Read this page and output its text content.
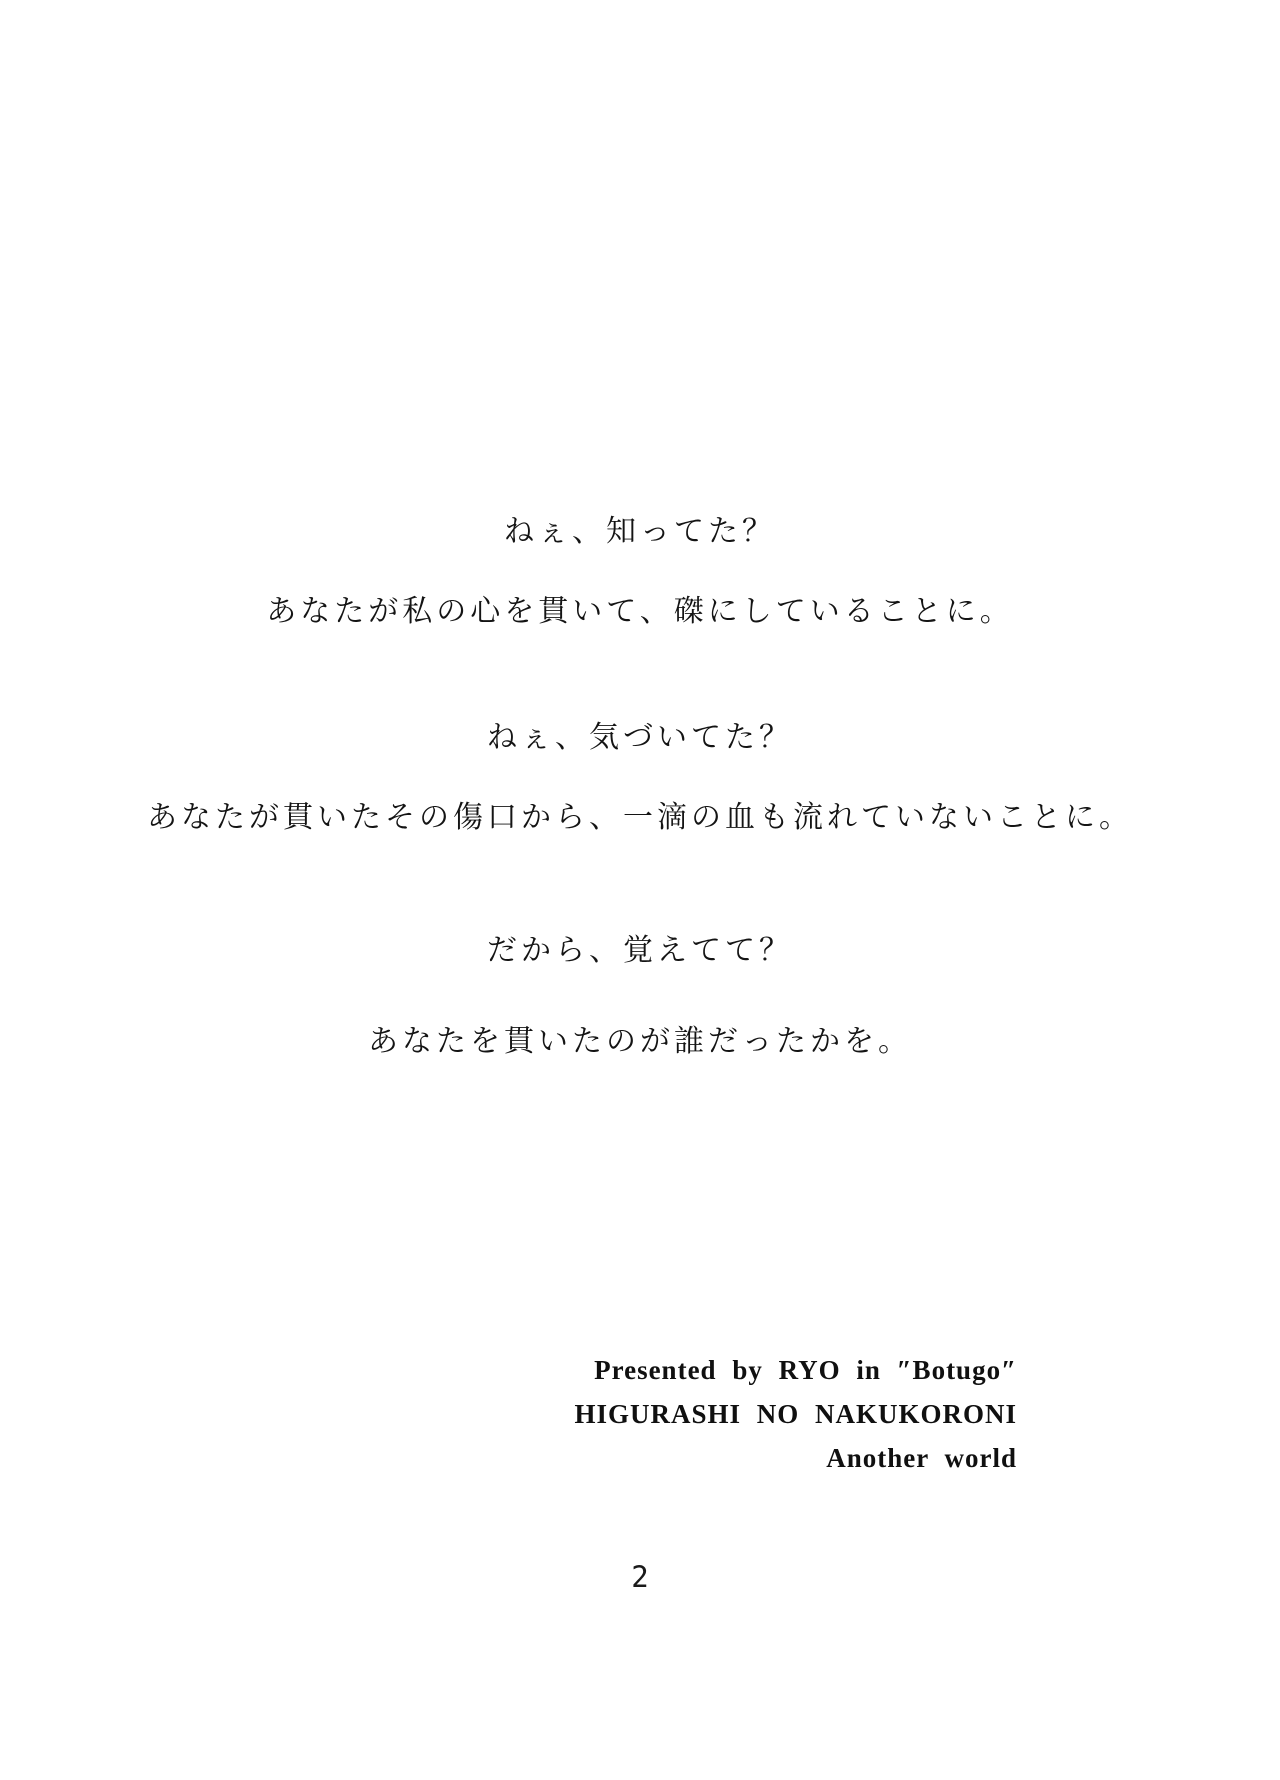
ねぇ、知ってた？

あなたが私の心を貫いて、磔にしていることに。

ねぇ、気づいてた？

あなたが貫いたその傷口から、一滴の血も流れていないことに。

だから、覚えてて？

あなたを貫いたのが誰だったかを。

Presented by RYO in ″Botugo″

HIGURASHI NO NAKUKORONI

Another world

2
